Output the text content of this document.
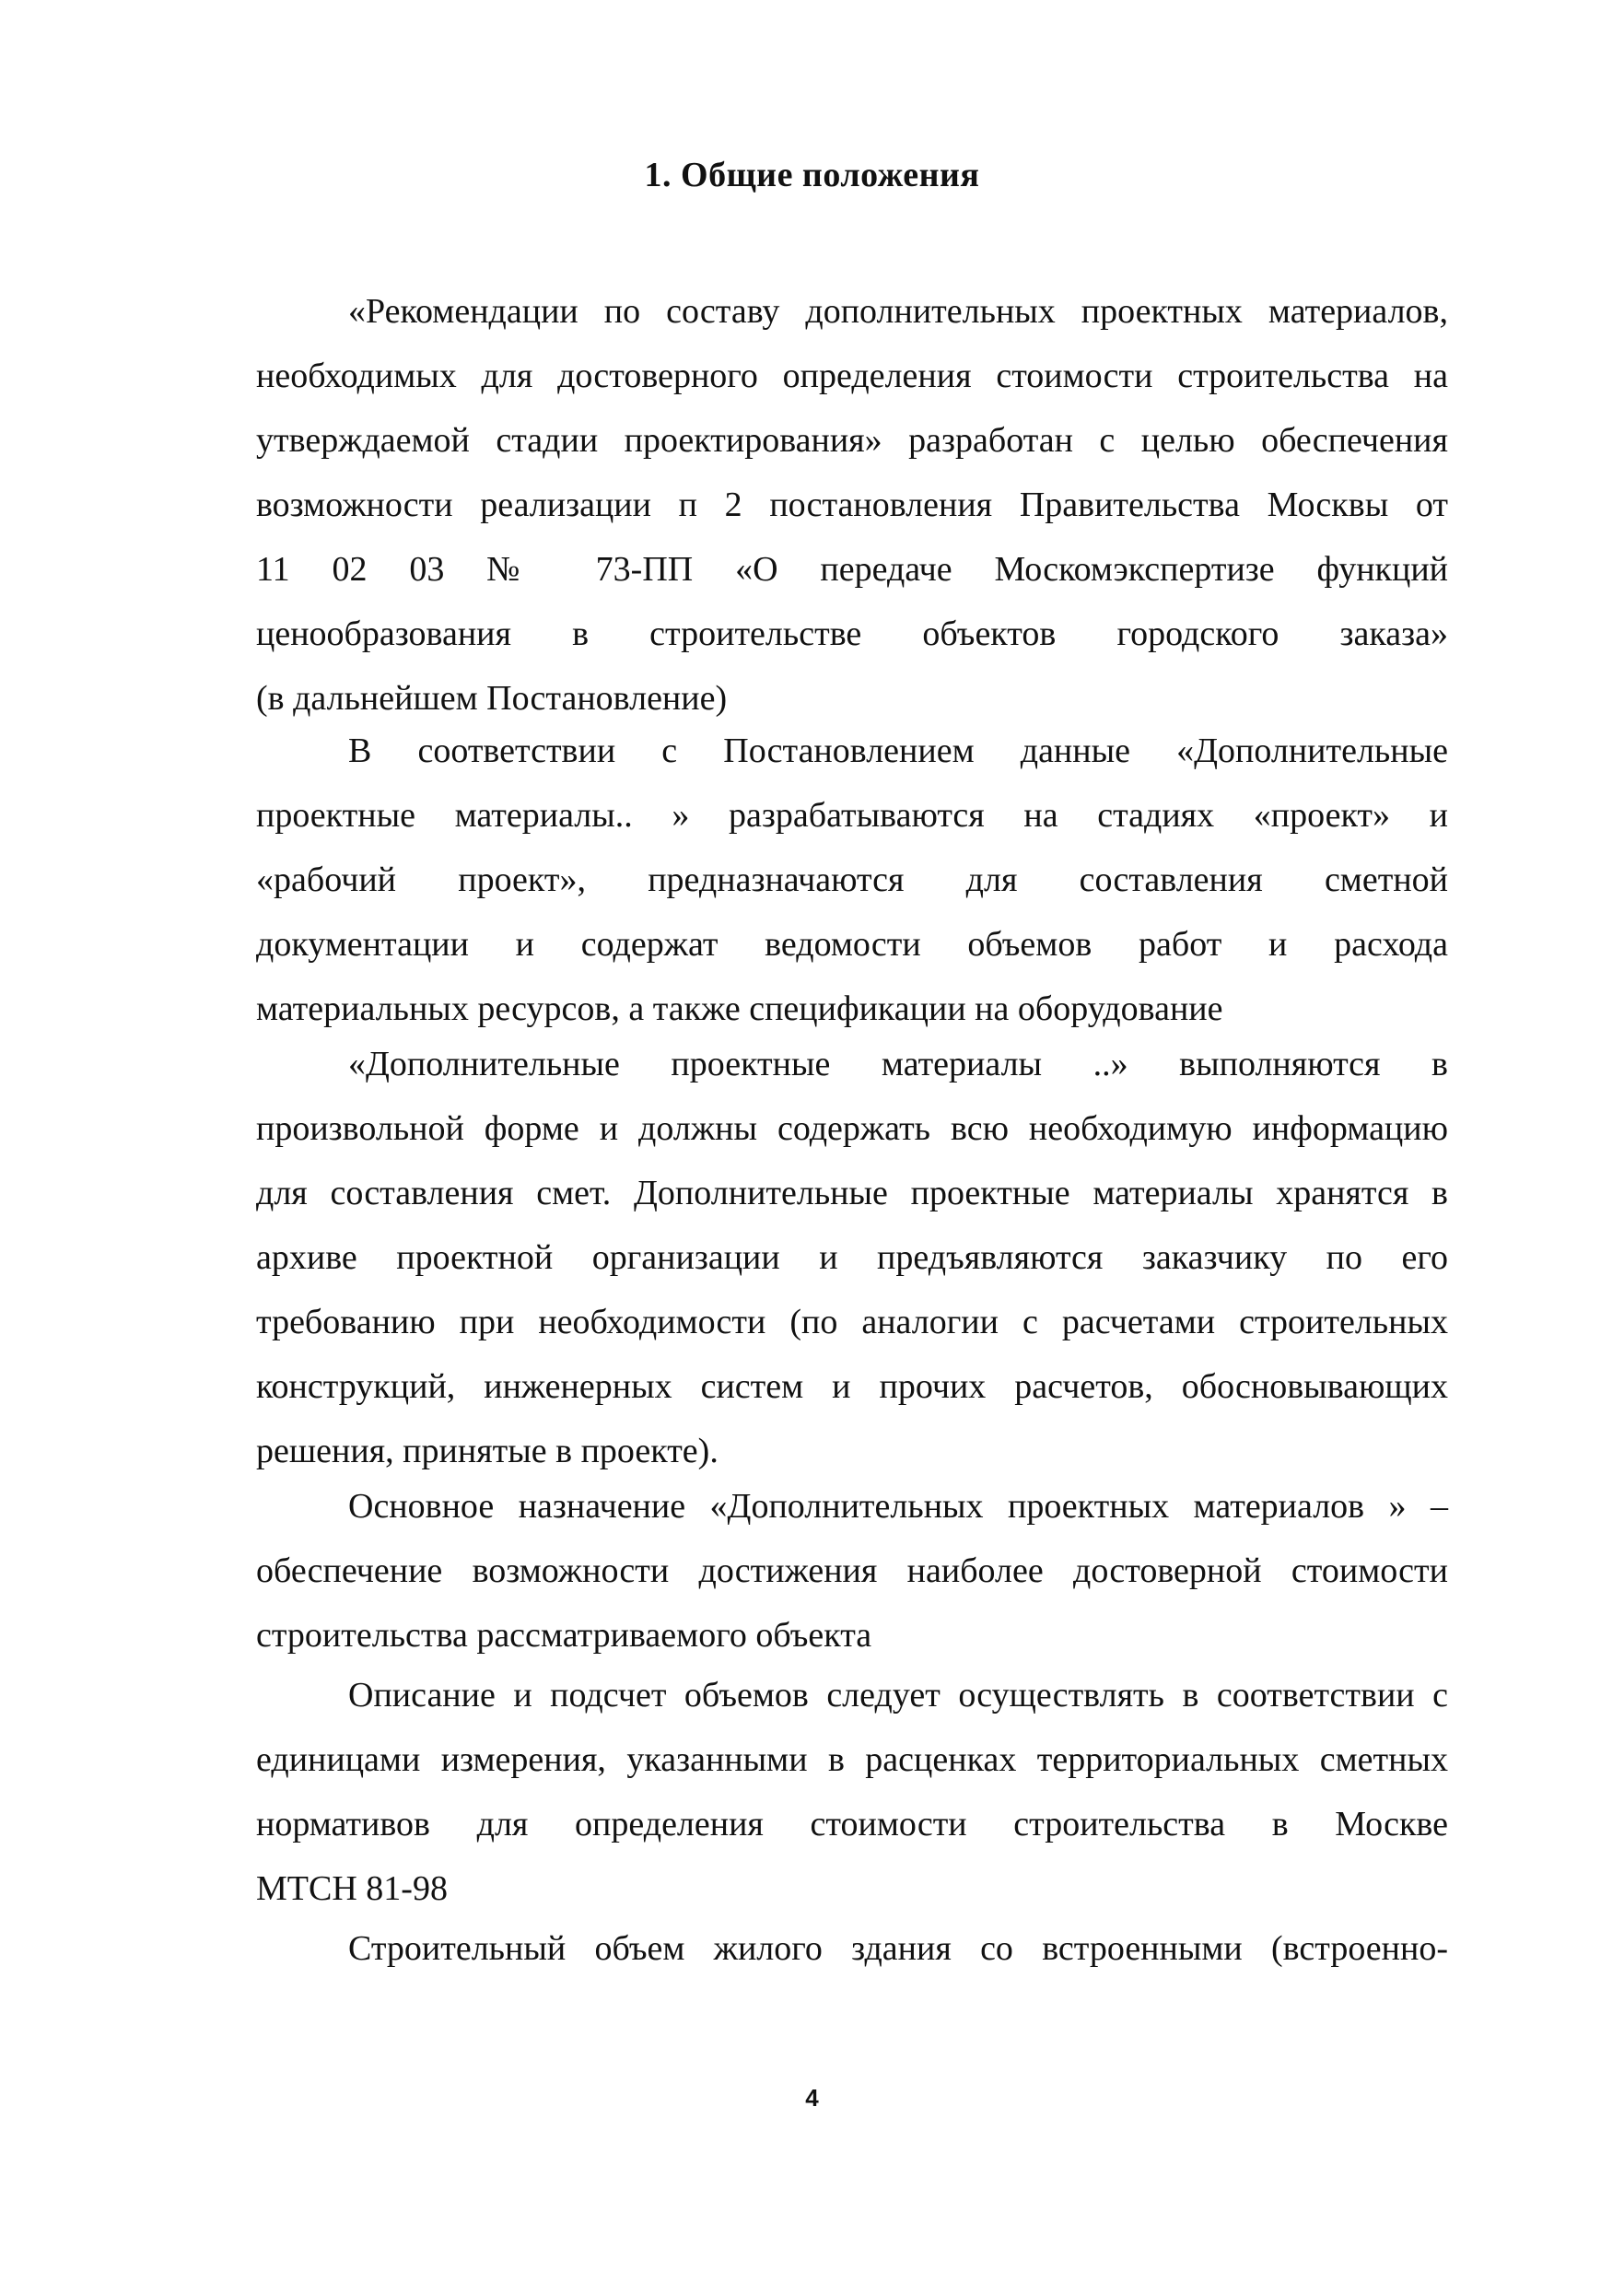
1. Общие положения
«Рекомендации по составу дополнительных проектных материалов,
необходимых для достоверного определения стоимости строительства на
утверждаемой стадии проектирования» разработан с целью обеспечения
возможности реализации п 2 постановления Правительства Москвы от
11 02 03 № 73-ПП «О передаче Москомэкспертизе функций
ценообразования в строительстве объектов городского заказа»
(в дальнейшем Постановление)
В соответствии с Постановлением данные «Дополнительные
проектные материалы.. » разрабатываются на стадиях «проект» и
«рабочий проект», предназначаются для составления сметной
документации и содержат ведомости объемов работ и расхода
материальных ресурсов, а также спецификации на оборудование
«Дополнительные проектные материалы ..» выполняются в
произвольной форме и должны содержать всю необходимую информацию
для составления смет. Дополнительные проектные материалы хранятся в
архиве проектной организации и предъявляются заказчику по его
требованию при необходимости (по аналогии с расчетами строительных
конструкций, инженерных систем и прочих расчетов, обосновывающих
решения, принятые в проекте).
Основное назначение «Дополнительных проектных материалов » –
обеспечение возможности достижения наиболее достоверной стоимости
строительства рассматриваемого объекта
Описание и подсчет объемов следует осуществлять в соответствии с
единицами измерения, указанными в расценках территориальных сметных
нормативов для определения стоимости строительства в Москве
МТСН 81-98
Строительный объем жилого здания со встроенными (встроенно-
4
